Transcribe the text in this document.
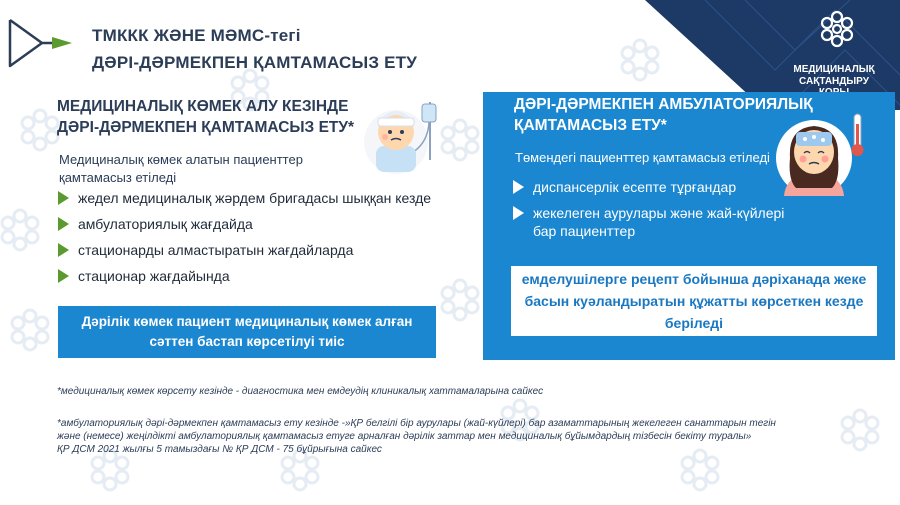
ТМККК ЖӘНЕ МӘМС-тегі
ДӘРІ-ДӘРМЕКПЕН ҚАМТАМАСЫЗ ЕТУ	МЕДИЦИНАЛЫҚ
САҚТАНДЫРУ
МЕДИЦИНАЛЫҚ КӨМЕК АЛУ КЕЗІНДЕ
ДӘРІ-ДӘРМЕКПЕН ҚАМТАМАСЫЗ ЕТУ*
Медициналық көмек алатын пациенттер
қамтамасыз етіледі
жедел медициналық жәрдем бригадасы шыққан кезде
амбулаториялық жағдайда
стационарды алмастыратын жағдайларда
стационар жағдайында
Дәрілік көмек пациент медициналық көмек алған
сәттен бастап көрсетілуі тиіс
ДӘРІ-ДӘРМЕКПЕН АМБУЛАТОРИЯЛЫҚ
ҚАМТАМАСЫЗ ЕТУ*
Төмендегі пациенттер қамтамасыз етіледі
диспансерлік есепте тұрғандар
жекелеген аурулары және жай-күйлері
бар пациенттер
емделушілерге рецепт бойынша дәріханада жеке
басын куәландыратын құжатты көрсеткен кезде
беріледі
*медициналық көмек көрсету кезінде - диагностика мен емдеудің клиникалық хаттамаларына сайкес
*амбулаториялық дәрі-дәрмекпен қамтамасыз ету кезінде -»ҚР белгілі бір аурулары (жай-күйлері) бар азаматтарының жекелеген санаттарын тегін
және (немесе) жеңілдікті амбулаториялық қамтамасыз етуге арналған дәрілік заттар мен медициналық бұйымдардың тізбесін бекіту туралы»
ҚР ДСМ 2021 жылғы 5 тамыздағы № ҚР ДСМ - 75 бұйрығына сайкес
